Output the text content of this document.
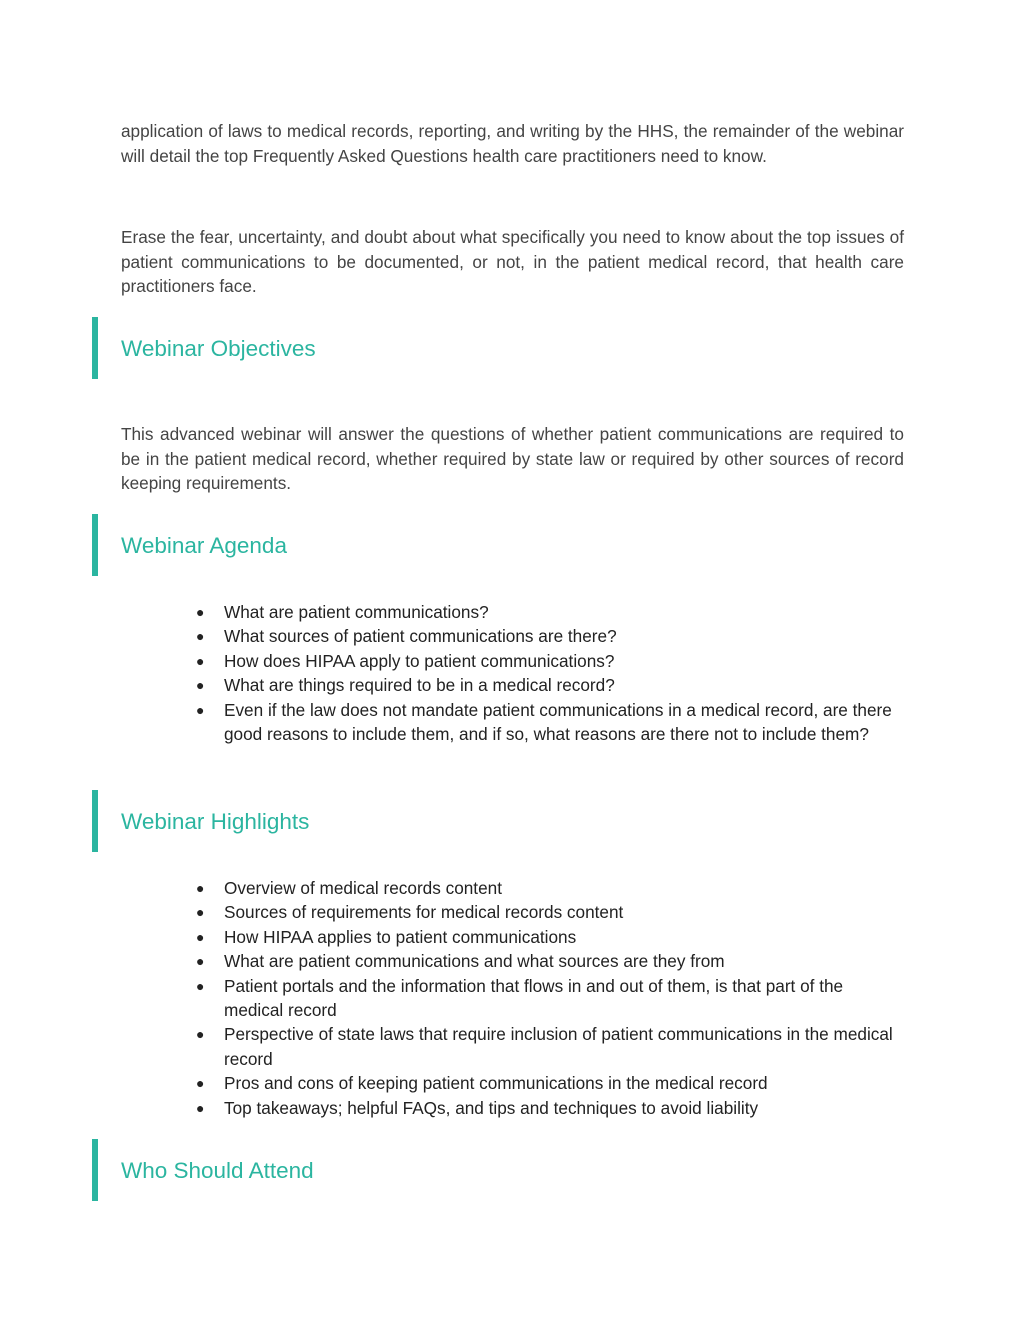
application of laws to medical records, reporting, and writing by the HHS, the remainder of the webinar will detail the top Frequently Asked Questions health care practitioners need to know.

Erase the fear, uncertainty, and doubt about what specifically you need to know about the top issues of patient communications to be documented, or not, in the patient medical record, that health care practitioners face.

Webinar Objectives

This advanced webinar will answer the questions of whether patient communications are required to be in the patient medical record, whether required by state law or required by other sources of record keeping requirements.

Webinar Agenda
● What are patient communications?
● What sources of patient communications are there?
● How does HIPAA apply to patient communications?
● What are things required to be in a medical record?
● Even if the law does not mandate patient communications in a medical record, are there good reasons to include them, and if so, what reasons are there not to include them?
Webinar Highlights
● Overview of medical records content
● Sources of requirements for medical records content
● How HIPAA applies to patient communications
● What are patient communications and what sources are they from
● Patient portals and the information that flows in and out of them, is that part of the medical record
● Perspective of state laws that require inclusion of patient communications in the medical record
● Pros and cons of keeping patient communications in the medical record
● Top takeaways; helpful FAQs, and tips and techniques to avoid liability
Who Should Attend
